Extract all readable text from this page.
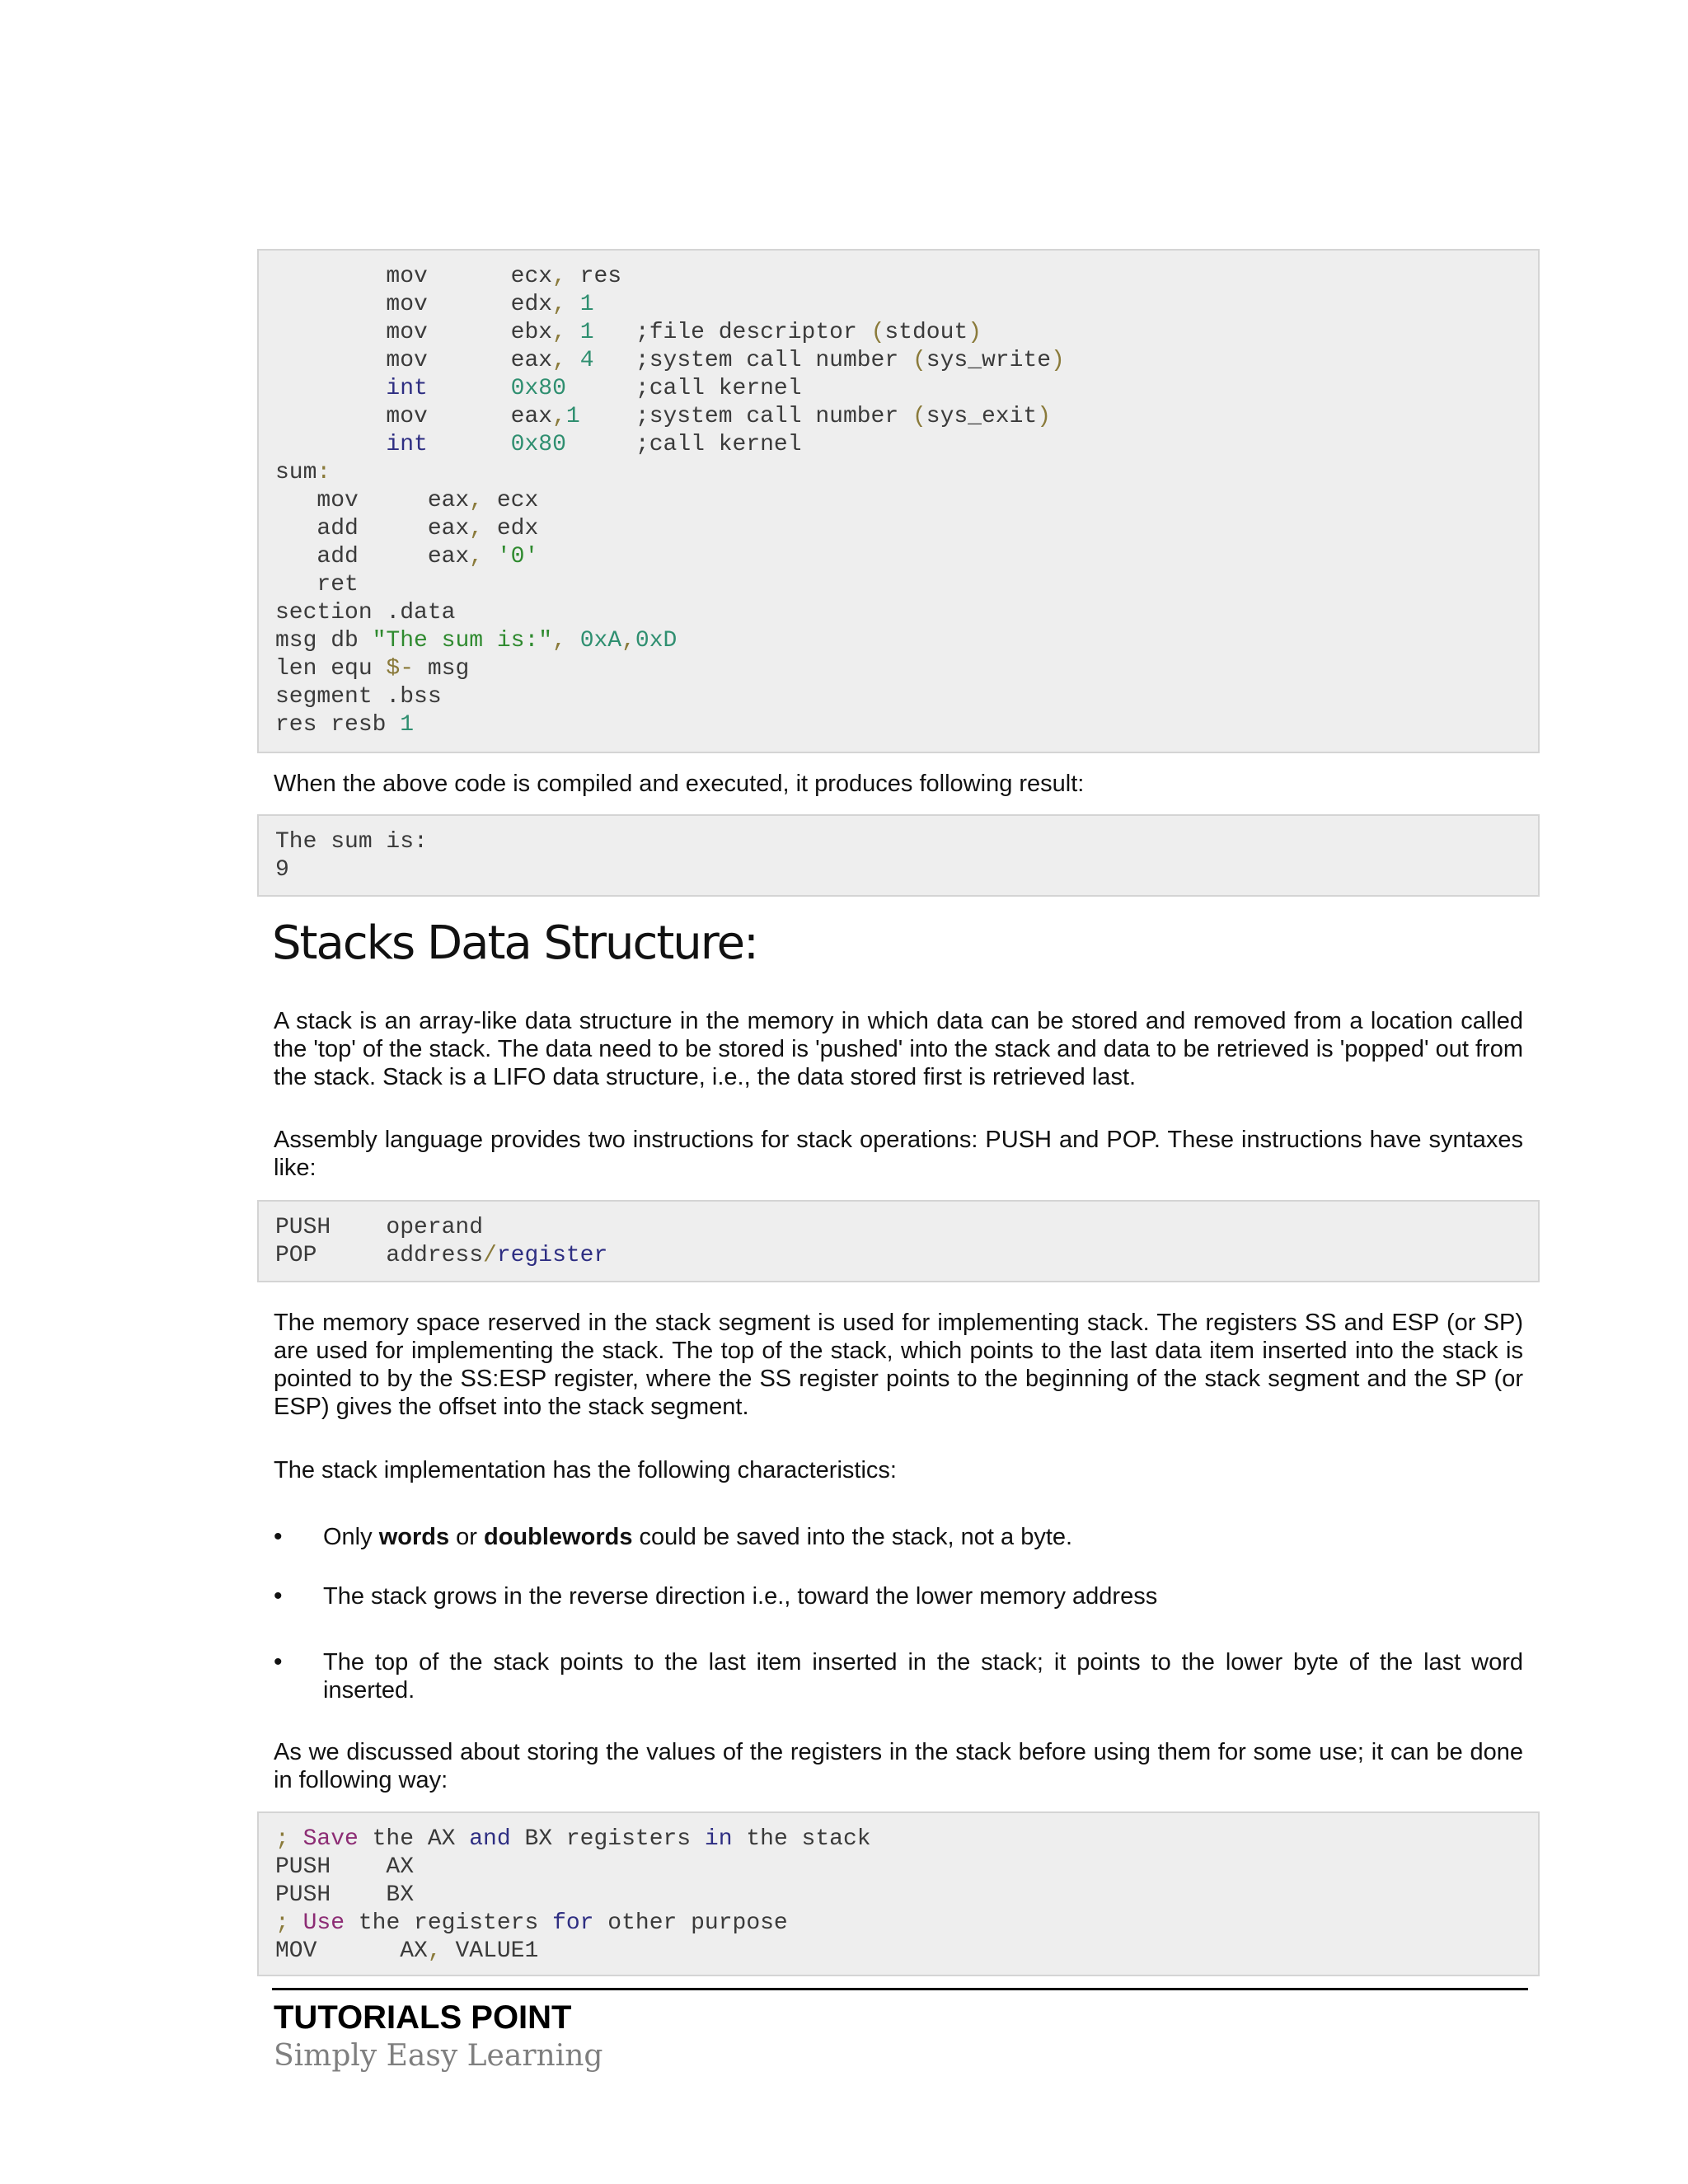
mov      ecx, res
mov      edx, 1
mov      ebx, 1   ;file descriptor (stdout)
mov      eax, 4   ;system call number (sys_write)
int	0x80     ;call kernel
mov      eax,1    ;system call number (sys_exit)
int	0x80     ;call kernel
sum:
mov     eax, ecx
add     eax, edx
add     eax, '0'
ret
section .data
msg db "The sum is:", 0xA,0xD
len equ $- msg
segment .bss
res resb 1

When the above code is compiled and executed, it produces following result:

The sum is:
9
Stacks Data Structure:

A stack is an array-like data structure in the memory in which data can be stored and removed from a location called the 'top' of the stack. The data need to be stored is 'pushed' into the stack and data to be retrieved is 'popped' out from the stack. Stack is a LIFO data structure, i.e., the data stored first is retrieved last.

Assembly language provides two instructions for stack operations: PUSH and POP. These instructions have syntaxes like:

PUSH    operand
POP     address/register

The memory space reserved in the stack segment is used for implementing stack. The registers SS and ESP (or SP) are used for implementing the stack. The top of the stack, which points to the last data item inserted into the stack is pointed to by the SS:ESP register, where the SS register points to the beginning of the stack segment and the SP (or ESP) gives the offset into the stack segment.

The stack implementation has the following characteristics:

•	Only words or doublewords could be saved into the stack, not a byte.
•	The stack grows in the reverse direction i.e., toward the lower memory address
•	The top of the stack points to the last item inserted in the stack; it points to the lower byte of the last word inserted.

As we discussed about storing the values of the registers in the stack before using them for some use; it can be done in following way:

; Save the AX and BX registers in the stack
PUSH    AX
PUSH    BX
; Use the registers for other purpose
MOV      AX, VALUE1
TUTORIALS POINT
Simply Easy Learning
